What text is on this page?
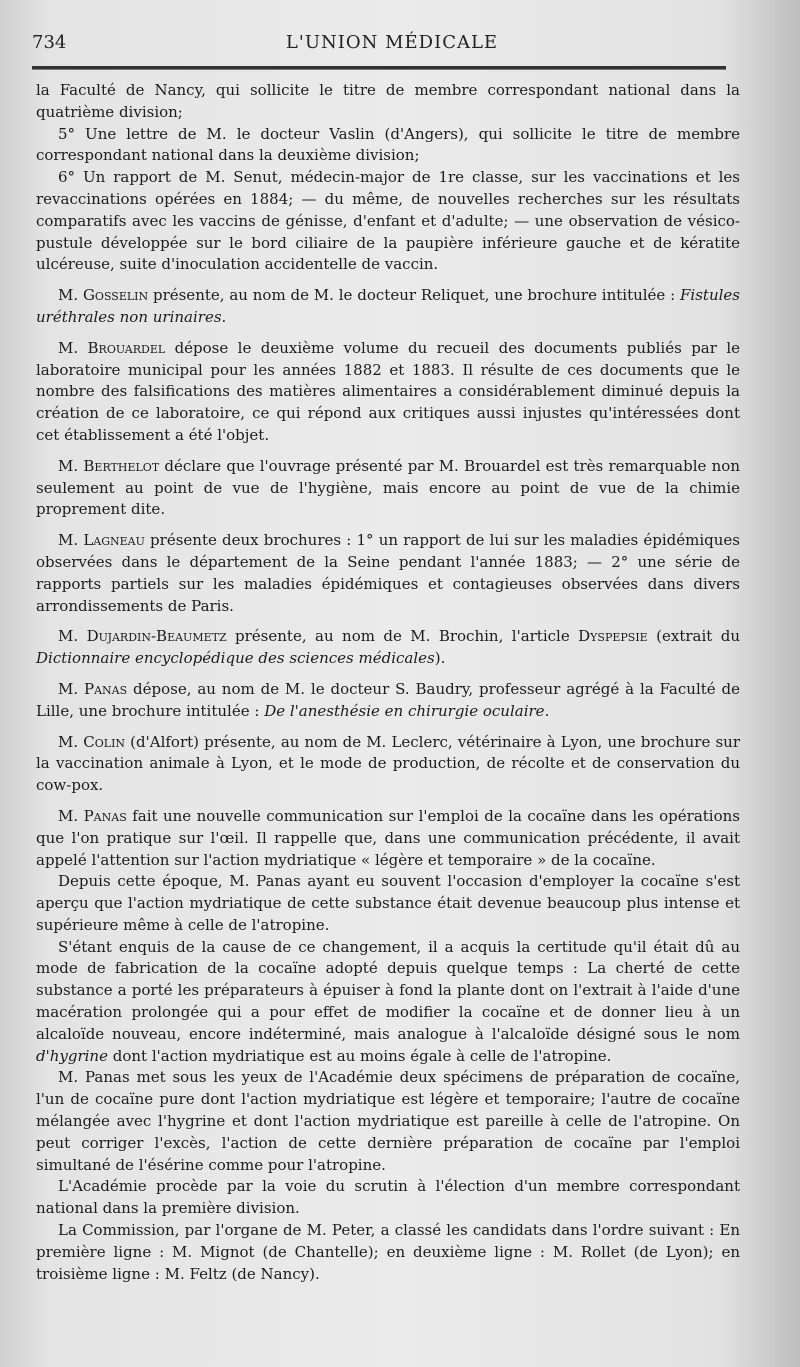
734	L'UNION MÉDICALE

la Faculté de Nancy, qui sollicite le titre de membre correspondant national dans la quatrième division;

5° Une lettre de M. le docteur Vaslin (d'Angers), qui sollicite le titre de membre correspondant national dans la deuxième division;

6° Un rapport de M. Senut, médecin-major de 1re classe, sur les vaccinations et les revaccinations opérées en 1884; — du même, de nouvelles recherches sur les résultats comparatifs avec les vaccins de génisse, d'enfant et d'adulte; — une observation de vésico-pustule développée sur le bord ciliaire de la paupière inférieure gauche et de kératite ulcéreuse, suite d'inoculation accidentelle de vaccin.

M. Gosselin présente, au nom de M. le docteur Reliquet, une brochure intitulée : Fistules uréthrales non urinaires.

M. Brouardel dépose le deuxième volume du recueil des documents publiés par le laboratoire municipal pour les années 1882 et 1883. Il résulte de ces documents que le nombre des falsifications des matières alimentaires a considérablement diminué depuis la création de ce laboratoire, ce qui répond aux critiques aussi injustes qu'intéressées dont cet établissement a été l'objet.

M. Berthelot déclare que l'ouvrage présenté par M. Brouardel est très remarquable non seulement au point de vue de l'hygiène, mais encore au point de vue de la chimie proprement dite.

M. Lagneau présente deux brochures : 1° un rapport de lui sur les maladies épidémiques observées dans le département de la Seine pendant l'année 1883; — 2° une série de rapports partiels sur les maladies épidémiques et contagieuses observées dans divers arrondissements de Paris.

M. Dujardin-Beaumetz présente, au nom de M. Brochin, l'article Dyspepsie (extrait du Dictionnaire encyclopédique des sciences médicales).

M. Panas dépose, au nom de M. le docteur S. Baudry, professeur agrégé à la Faculté de Lille, une brochure intitulée : De l'anesthésie en chirurgie oculaire.

M. Colin (d'Alfort) présente, au nom de M. Leclerc, vétérinaire à Lyon, une brochure sur la vaccination animale à Lyon, et le mode de production, de récolte et de conservation du cow-pox.

M. Panas fait une nouvelle communication sur l'emploi de la cocaïne dans les opérations que l'on pratique sur l'œil. Il rappelle que, dans une communication précédente, il avait appelé l'attention sur l'action mydriatique « légère et temporaire » de la cocaïne.

Depuis cette époque, M. Panas ayant eu souvent l'occasion d'employer la cocaïne s'est aperçu que l'action mydriatique de cette substance était devenue beaucoup plus intense et supérieure même à celle de l'atropine.

S'étant enquis de la cause de ce changement, il a acquis la certitude qu'il était dû au mode de fabrication de la cocaïne adopté depuis quelque temps : La cherté de cette substance a porté les préparateurs à épuiser à fond la plante dont on l'extrait à l'aide d'une macération prolongée qui a pour effet de modifier la cocaïne et de donner lieu à un alcaloïde nouveau, encore indéterminé, mais analogue à l'alcaloïde désigné sous le nom d'hygrine dont l'action mydriatique est au moins égale à celle de l'atropine.

M. Panas met sous les yeux de l'Académie deux spécimens de préparation de cocaïne, l'un de cocaïne pure dont l'action mydriatique est légère et temporaire; l'autre de cocaïne mélangée avec l'hygrine et dont l'action mydriatique est pareille à celle de l'atropine. On peut corriger l'excès, l'action de cette dernière préparation de cocaïne par l'emploi simultané de l'ésérine comme pour l'atropine.

L'Académie procède par la voie du scrutin à l'élection d'un membre correspondant national dans la première division.

La Commission, par l'organe de M. Peter, a classé les candidats dans l'ordre suivant : En première ligne : M. Mignot (de Chantelle); en deuxième ligne : M. Rollet (de Lyon); en troisième ligne : M. Feltz (de Nancy).
